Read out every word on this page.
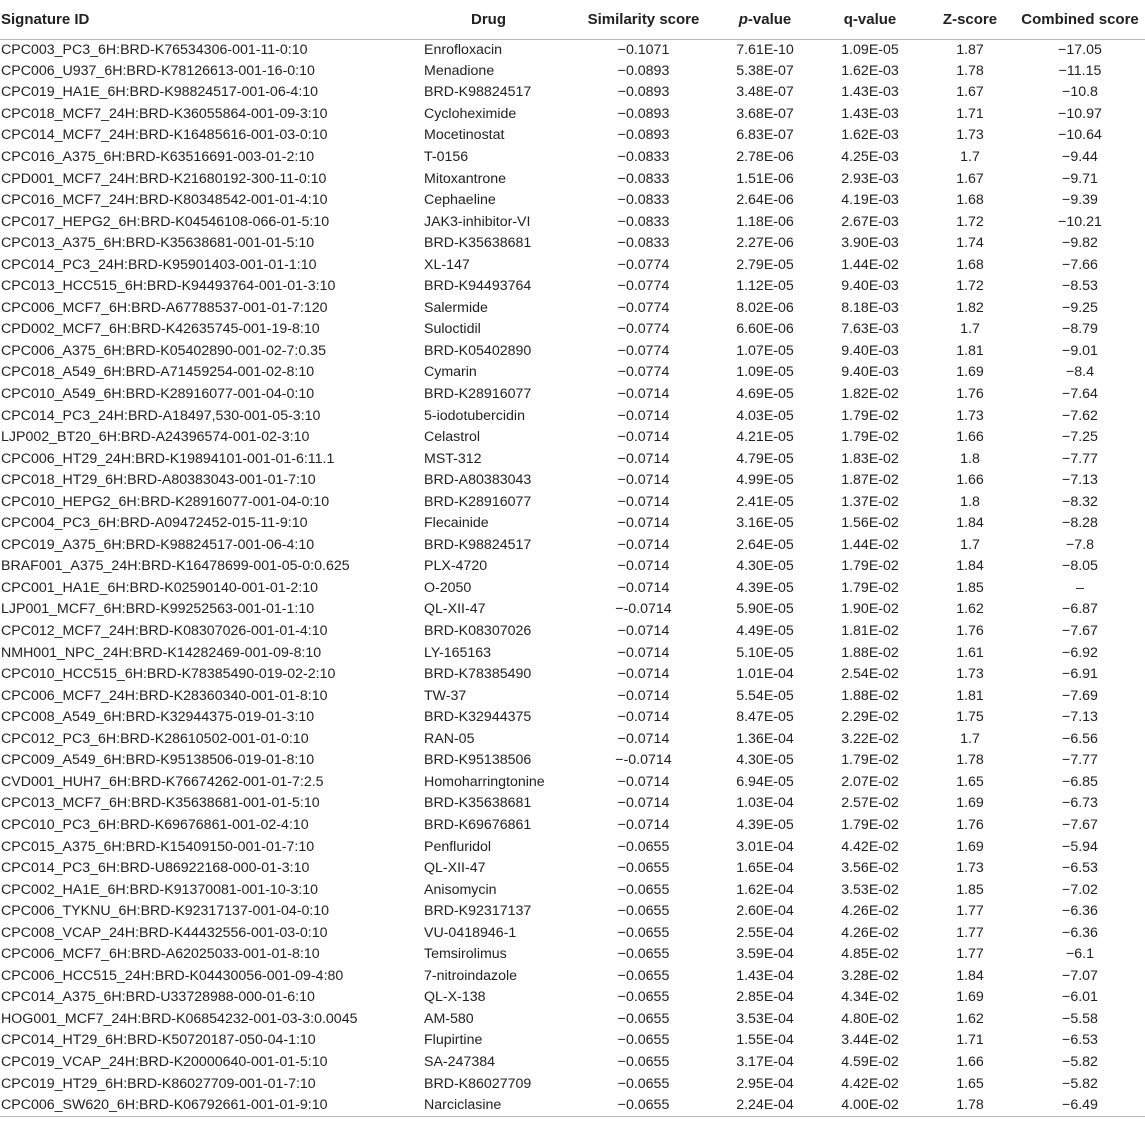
Signature ID	Drug	Similarity score	p-value	q-value	Z-score	Combined score
CPC003_PC3_6H:BRD-K76534306-001-11-0:10	Enrofloxacin	−0.1071	7.61E-10	1.09E-05	1.87	−17.05
CPC006_U937_6H:BRD-K78126613-001-16-0:10	Menadione	−0.0893	5.38E-07	1.62E-03	1.78	−11.15
CPC019_HA1E_6H:BRD-K98824517-001-06-4:10	BRD-K98824517	−0.0893	3.48E-07	1.43E-03	1.67	−10.8
CPC018_MCF7_24H:BRD-K36055864-001-09-3:10	Cycloheximide	−0.0893	3.68E-07	1.43E-03	1.71	−10.97
CPC014_MCF7_24H:BRD-K16485616-001-03-0:10	Mocetinostat	−0.0893	6.83E-07	1.62E-03	1.73	−10.64
CPC016_A375_6H:BRD-K63516691-003-01-2:10	T-0156	−0.0833	2.78E-06	4.25E-03	1.7	−9.44
CPD001_MCF7_24H:BRD-K21680192-300-11-0:10	Mitoxantrone	−0.0833	1.51E-06	2.93E-03	1.67	−9.71
CPC016_MCF7_24H:BRD-K80348542-001-01-4:10	Cephaeline	−0.0833	2.64E-06	4.19E-03	1.68	−9.39
CPC017_HEPG2_6H:BRD-K04546108-066-01-5:10	JAK3-inhibitor-VI	−0.0833	1.18E-06	2.67E-03	1.72	−10.21
CPC013_A375_6H:BRD-K35638681-001-01-5:10	BRD-K35638681	−0.0833	2.27E-06	3.90E-03	1.74	−9.82
CPC014_PC3_24H:BRD-K95901403-001-01-1:10	XL-147	−0.0774	2.79E-05	1.44E-02	1.68	−7.66
CPC013_HCC515_6H:BRD-K94493764-001-01-3:10	BRD-K94493764	−0.0774	1.12E-05	9.40E-03	1.72	−8.53
CPC006_MCF7_6H:BRD-A67788537-001-01-7:120	Salermide	−0.0774	8.02E-06	8.18E-03	1.82	−9.25
CPD002_MCF7_6H:BRD-K42635745-001-19-8:10	Suloctidil	−0.0774	6.60E-06	7.63E-03	1.7	−8.79
CPC006_A375_6H:BRD-K05402890-001-02-7:0.35	BRD-K05402890	−0.0774	1.07E-05	9.40E-03	1.81	−9.01
CPC018_A549_6H:BRD-A71459254-001-02-8:10	Cymarin	−0.0774	1.09E-05	9.40E-03	1.69	−8.4
CPC010_A549_6H:BRD-K28916077-001-04-0:10	BRD-K28916077	−0.0714	4.69E-05	1.82E-02	1.76	−7.64
CPC014_PC3_24H:BRD-A18497,530-001-05-3:10	5-iodotubercidin	−0.0714	4.03E-05	1.79E-02	1.73	−7.62
LJP002_BT20_6H:BRD-A24396574-001-02-3:10	Celastrol	−0.0714	4.21E-05	1.79E-02	1.66	−7.25
CPC006_HT29_24H:BRD-K19894101-001-01-6:11.1	MST-312	−0.0714	4.79E-05	1.83E-02	1.8	−7.77
CPC018_HT29_6H:BRD-A80383043-001-01-7:10	BRD-A80383043	−0.0714	4.99E-05	1.87E-02	1.66	−7.13
CPC010_HEPG2_6H:BRD-K28916077-001-04-0:10	BRD-K28916077	−0.0714	2.41E-05	1.37E-02	1.8	−8.32
CPC004_PC3_6H:BRD-A09472452-015-11-9:10	Flecainide	−0.0714	3.16E-05	1.56E-02	1.84	−8.28
CPC019_A375_6H:BRD-K98824517-001-06-4:10	BRD-K98824517	−0.0714	2.64E-05	1.44E-02	1.7	−7.8
BRAF001_A375_24H:BRD-K16478699-001-05-0:0.625	PLX-4720	−0.0714	4.30E-05	1.79E-02	1.84	−8.05
CPC001_HA1E_6H:BRD-K02590140-001-01-2:10	O-2050	−0.0714	4.39E-05	1.79E-02	1.85	–
LJP001_MCF7_6H:BRD-K99252563-001-01-1:10	QL-XII-47	−-0.0714	5.90E-05	1.90E-02	1.62	−6.87
CPC012_MCF7_24H:BRD-K08307026-001-01-4:10	BRD-K08307026	−0.0714	4.49E-05	1.81E-02	1.76	−7.67
NMH001_NPC_24H:BRD-K14282469-001-09-8:10	LY-165163	−0.0714	5.10E-05	1.88E-02	1.61	−6.92
CPC010_HCC515_6H:BRD-K78385490-019-02-2:10	BRD-K78385490	−0.0714	1.01E-04	2.54E-02	1.73	−6.91
CPC006_MCF7_24H:BRD-K28360340-001-01-8:10	TW-37	−0.0714	5.54E-05	1.88E-02	1.81	−7.69
CPC008_A549_6H:BRD-K32944375-019-01-3:10	BRD-K32944375	−0.0714	8.47E-05	2.29E-02	1.75	−7.13
CPC012_PC3_6H:BRD-K28610502-001-01-0:10	RAN-05	−0.0714	1.36E-04	3.22E-02	1.7	−6.56
CPC009_A549_6H:BRD-K95138506-019-01-8:10	BRD-K95138506	−-0.0714	4.30E-05	1.79E-02	1.78	−7.77
CVD001_HUH7_6H:BRD-K76674262-001-01-7:2.5	Homoharringtonine	−0.0714	6.94E-05	2.07E-02	1.65	−6.85
CPC013_MCF7_6H:BRD-K35638681-001-01-5:10	BRD-K35638681	−0.0714	1.03E-04	2.57E-02	1.69	−6.73
CPC010_PC3_6H:BRD-K69676861-001-02-4:10	BRD-K69676861	−0.0714	4.39E-05	1.79E-02	1.76	−7.67
CPC015_A375_6H:BRD-K15409150-001-01-7:10	Penfluridol	−0.0655	3.01E-04	4.42E-02	1.69	−5.94
CPC014_PC3_6H:BRD-U86922168-000-01-3:10	QL-XII-47	−0.0655	1.65E-04	3.56E-02	1.73	−6.53
CPC002_HA1E_6H:BRD-K91370081-001-10-3:10	Anisomycin	−0.0655	1.62E-04	3.53E-02	1.85	−7.02
CPC006_TYKNU_6H:BRD-K92317137-001-04-0:10	BRD-K92317137	−0.0655	2.60E-04	4.26E-02	1.77	−6.36
CPC008_VCAP_24H:BRD-K44432556-001-03-0:10	VU-0418946-1	−0.0655	2.55E-04	4.26E-02	1.77	−6.36
CPC006_MCF7_6H:BRD-A62025033-001-01-8:10	Temsirolimus	−0.0655	3.59E-04	4.85E-02	1.77	−6.1
CPC006_HCC515_24H:BRD-K04430056-001-09-4:80	7-nitroindazole	−0.0655	1.43E-04	3.28E-02	1.84	−7.07
CPC014_A375_6H:BRD-U33728988-000-01-6:10	QL-X-138	−0.0655	2.85E-04	4.34E-02	1.69	−6.01
HOG001_MCF7_24H:BRD-K06854232-001-03-3:0.0045	AM-580	−0.0655	3.53E-04	4.80E-02	1.62	−5.58
CPC014_HT29_6H:BRD-K50720187-050-04-1:10	Flupirtine	−0.0655	1.55E-04	3.44E-02	1.71	−6.53
CPC019_VCAP_24H:BRD-K20000640-001-01-5:10	SA-247384	−0.0655	3.17E-04	4.59E-02	1.66	−5.82
CPC019_HT29_6H:BRD-K86027709-001-01-7:10	BRD-K86027709	−0.0655	2.95E-04	4.42E-02	1.65	−5.82
CPC006_SW620_6H:BRD-K06792661-001-01-9:10	Narciclasine	−0.0655	2.24E-04	4.00E-02	1.78	−6.49
